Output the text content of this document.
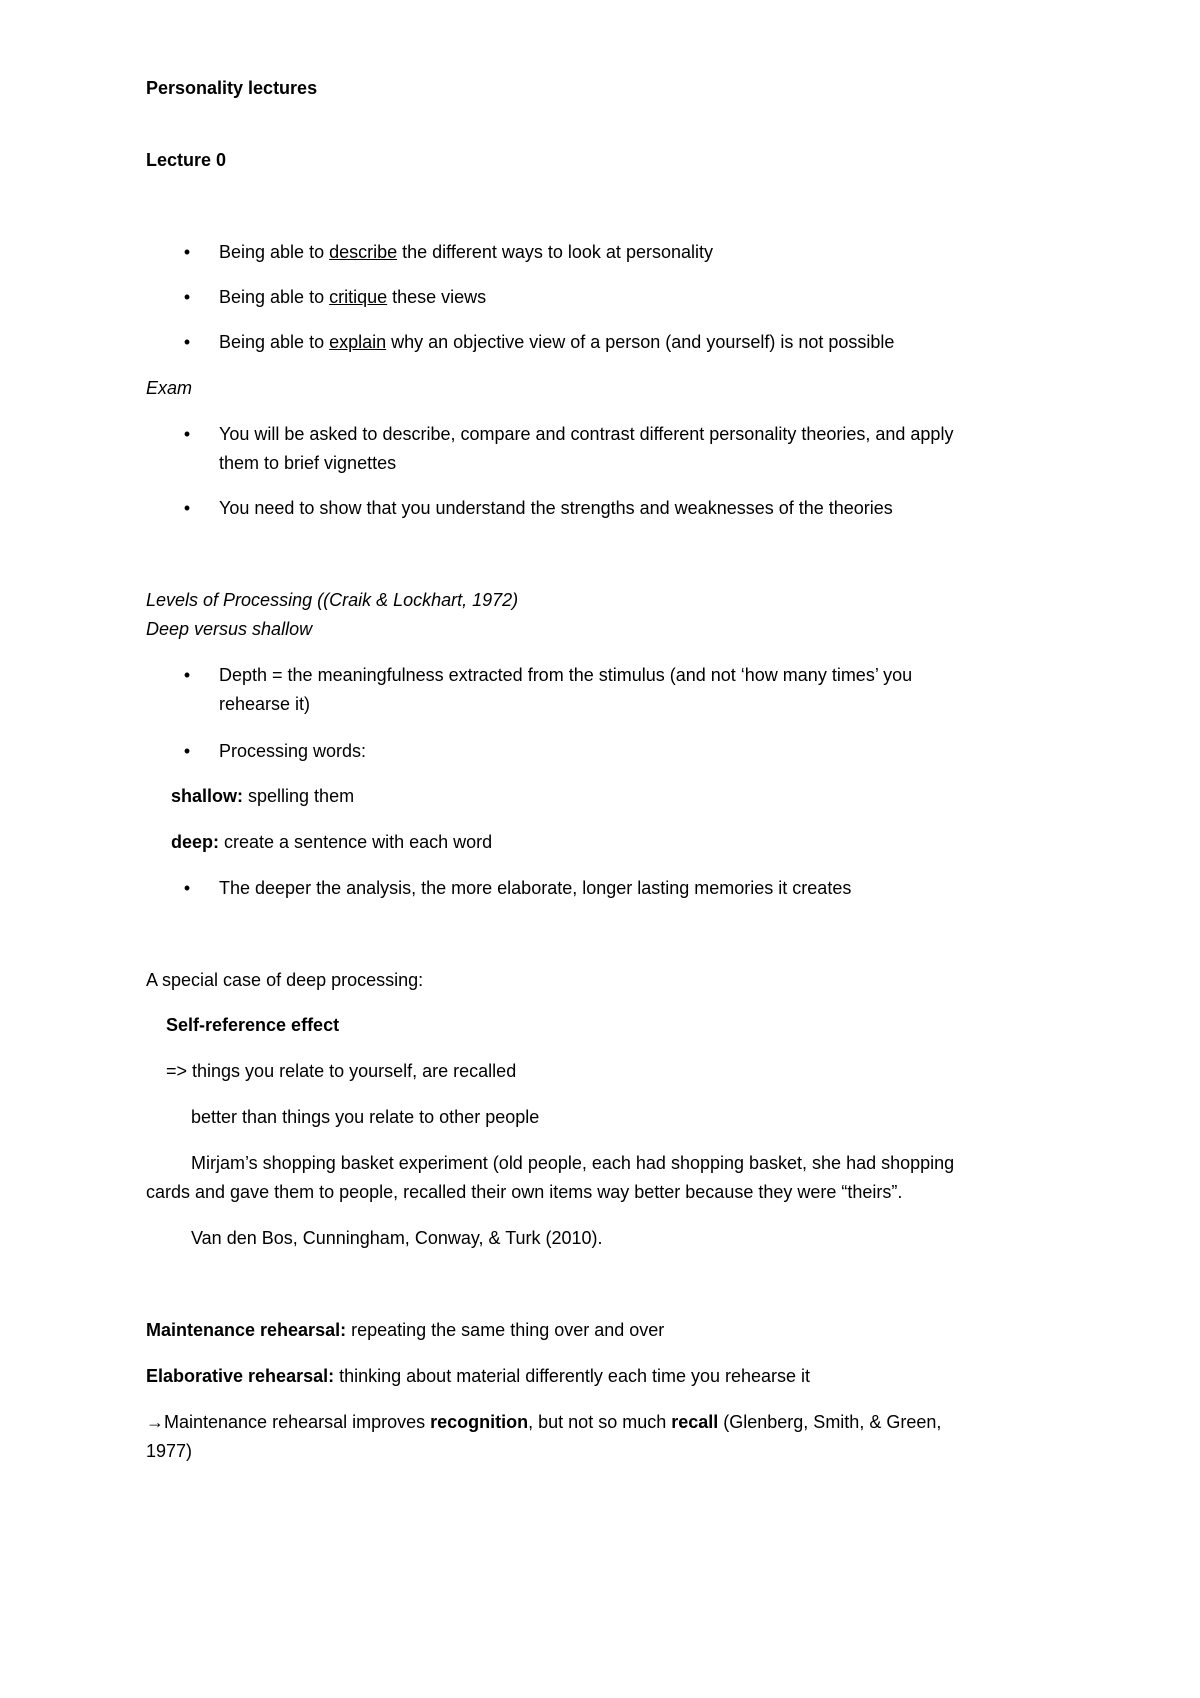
Personality lectures
Lecture 0
• Being able to describe the different ways to look at personality
• Being able to critique these views
• Being able to explain why an objective view of a person (and yourself) is not possible
Exam
• You will be asked to describe, compare and contrast different personality theories, and apply
them to brief vignettes
• You need to show that you understand the strengths and weaknesses of the theories
Levels of Processing ((Craik & Lockhart, 1972)
Deep versus shallow
• Depth = the meaningfulness extracted from the stimulus (and not ‘how many times’ you
rehearse it)
• Processing words:
shallow: spelling them
deep: create a sentence with each word
• The deeper the analysis, the more elaborate, longer lasting memories it creates
A special case of deep processing:
Self-reference effect
=> things you relate to yourself, are recalled
better than things you relate to other people
Mirjam’s shopping basket experiment (old people, each had shopping basket, she had shopping
cards and gave them to people, recalled their own items way better because they were “theirs”.
Van den Bos, Cunningham, Conway, & Turk (2010).
Maintenance rehearsal: repeating the same thing over and over
Elaborative rehearsal: thinking about material differently each time you rehearse it
→Maintenance rehearsal improves recognition, but not so much recall (Glenberg, Smith, & Green,
1977)
